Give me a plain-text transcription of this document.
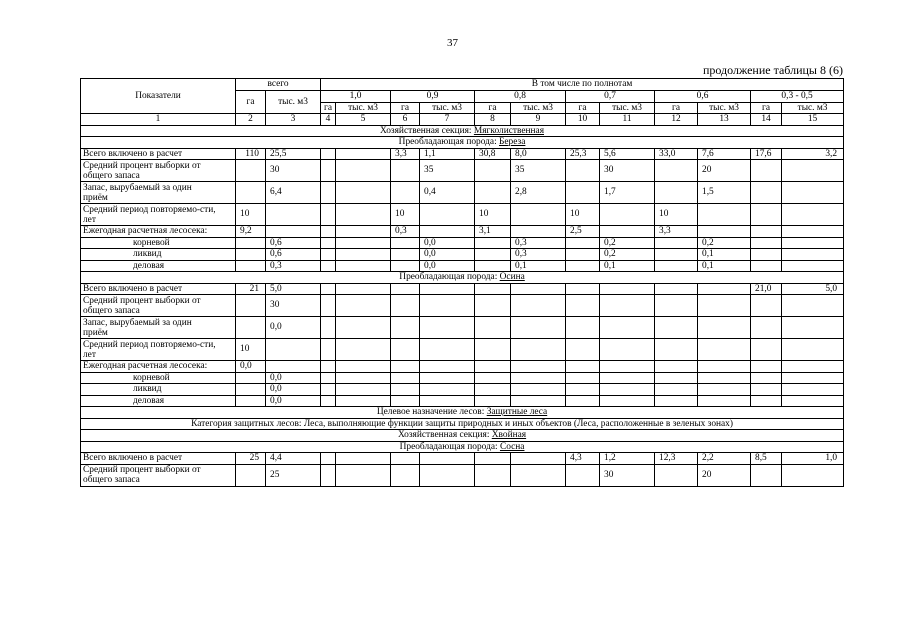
37
продолжение таблицы 8 (6)
Показатели	всего		В том числе по полнотам											
	га	тыс. м3	1,0		0,9		0,8		0,7		0,6		0,3 - 0,5	
			га	тыс. м3	га	тыс. м3	га	тыс. м3	га	тыс. м3	га	тыс. м3	га	тыс. м3
1	2	3	4	5	6	7	8	9	10	11	12	13	14	15
Хозяйственная секция: Мягколиственная														
Преобладающая порода: Береза														
Всего включено в расчет	110	25,5			3,3	1,1	30,8	8,0	25,3	5,6	33,0	7,6	17,6	3,2
Средний процент выборки от общего запаса		30				35		35		30		20		
Запас, вырубаемый за один приём		6,4				0,4		2,8		1,7		1,5		
Средний период повторяемо-сти, лет	10				10		10		10		10			
Ежегодная расчетная лесосека:	9,2				0,3		3,1		2,5		3,3			
корневой		0,6				0,0		0,3		0,2		0,2		
ликвид		0,6				0,0		0,3		0,2		0,1		
деловая		0,3				0,0		0,1		0,1		0,1		
Преобладающая порода: Осина														
Всего включено в расчет	21	5,0											21,0	5,0
Средний процент выборки от общего запаса		30												
Запас, вырубаемый за один приём		0,0												
Средний период повторяемо-сти, лет	10													
Ежегодная расчетная лесосека:	0,0													
корневой		0,0												
ликвид		0,0												
деловая		0,0												
Целевое назначение лесов: Защитные леса														
Категория защитных лесов: Леса, выполняющие функции защиты природных и иных объектов (Леса, расположенные в зеленых зонах)														
Хозяйственная секция: Хвойная														
Преобладающая порода: Сосна														
Всего включено в расчет	25	4,4							4,3	1,2	12,3	2,2	8,5	1,0
Средний процент выборки от общего запаса		25								30		20		
